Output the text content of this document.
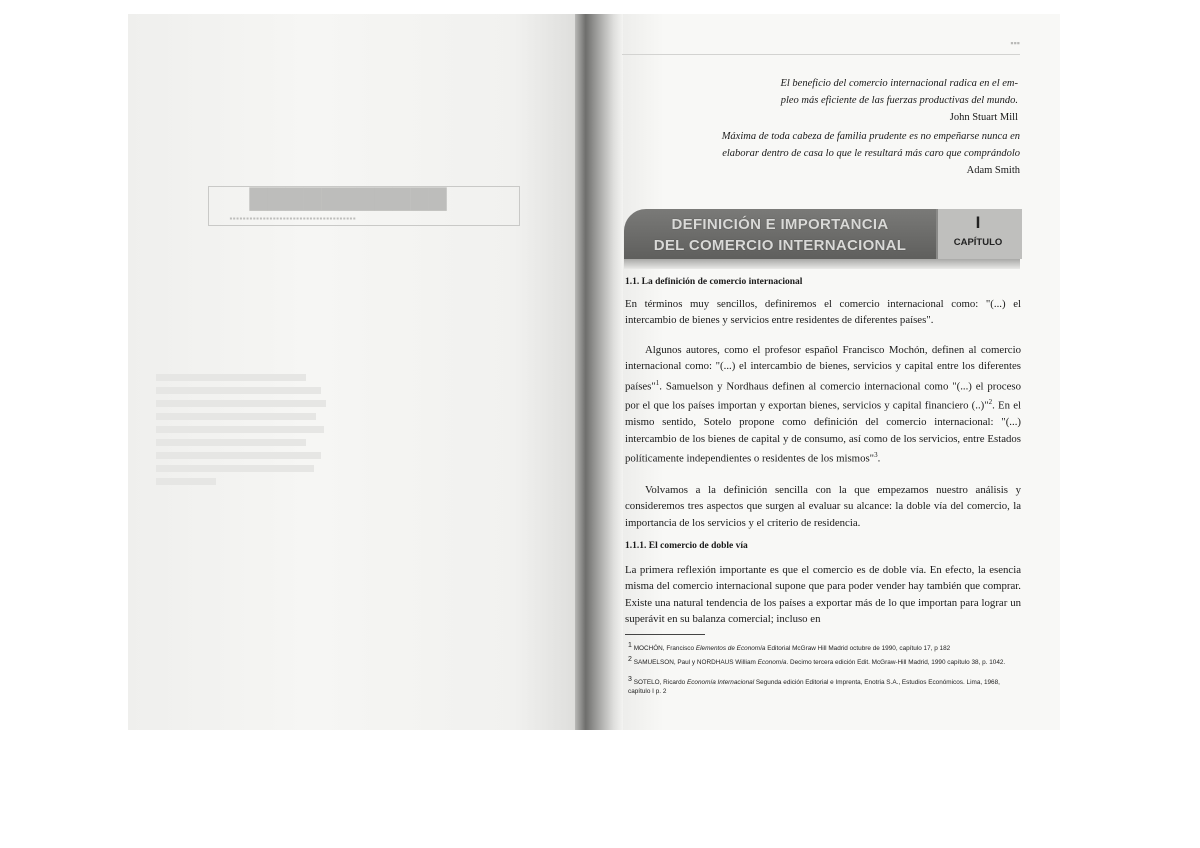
▇▇▇▇▇▇▇▇▇▇▇
▪▪▪▪▪▪▪▪▪▪▪▪▪▪▪▪▪▪▪▪▪▪▪▪▪▪▪▪▪▪▪▪▪▪▪▪▪▪
▪▪▪
El beneficio del comercio internacional radica en el em-
pleo más eficiente de las fuerzas productivas del mundo.
John Stuart Mill
Máxima de toda cabeza de familia prudente es no empeñarse nunca en
elaborar dentro de casa lo que le resultará más caro que comprándolo
Adam Smith
DEFINICIÓN E IMPORTANCIA
DEL COMERCIO INTERNACIONAL
I
CAPÍTULO
1.1. La definición de comercio internacional
En términos muy sencillos, definiremos el comercio internacional como: "(...) el intercambio de bienes y servicios entre residentes de diferentes países".
Algunos autores, como el profesor español Francisco Mochón, definen al comercio internacional como: "(...) el intercambio de bienes, servicios y capital entre los diferentes países"$^1$. Samuelson y Nordhaus definen al comercio internacional como "(...) el proceso por el que los países importan y exportan bienes, servicios y capital financiero (..)"$^2$. En el mismo sentido, Sotelo propone como definición del comercio internacional: "(...) intercambio de los bienes de capital y de consumo, así como de los servicios, entre Estados políticamente independientes o residentes de los mismos"$^3$.
Volvamos a la definición sencilla con la que empezamos nuestro análisis y consideremos tres aspectos que surgen al evaluar su alcance: la doble vía del comercio, la importancia de los servicios y el criterio de residencia.
1.1.1. El comercio de doble vía
La primera reflexión importante es que el comercio es de doble vía. En efecto, la esencia misma del comercio internacional supone que para poder vender hay también que comprar. Existe una natural tendencia de los países a exportar más de lo que importan para lograr un superávit en su balanza comercial; incluso en
$^1$ MOCHÓN, Francisco Elementos de Economía Editorial McGraw Hill Madrid octubre de 1990, capítulo 17, p 182
$^2$ SAMUELSON, Paul y NORDHAUS William Economía. Decimo tercera edición Edit. McGraw-Hill Madrid, 1990 capítulo 38, p. 1042.
$^3$ SOTELO, Ricardo Economía Internacional Segunda edición Editorial e Imprenta, Enotria S.A., Estudios Económicos. Lima, 1968, capítulo I p. 2
